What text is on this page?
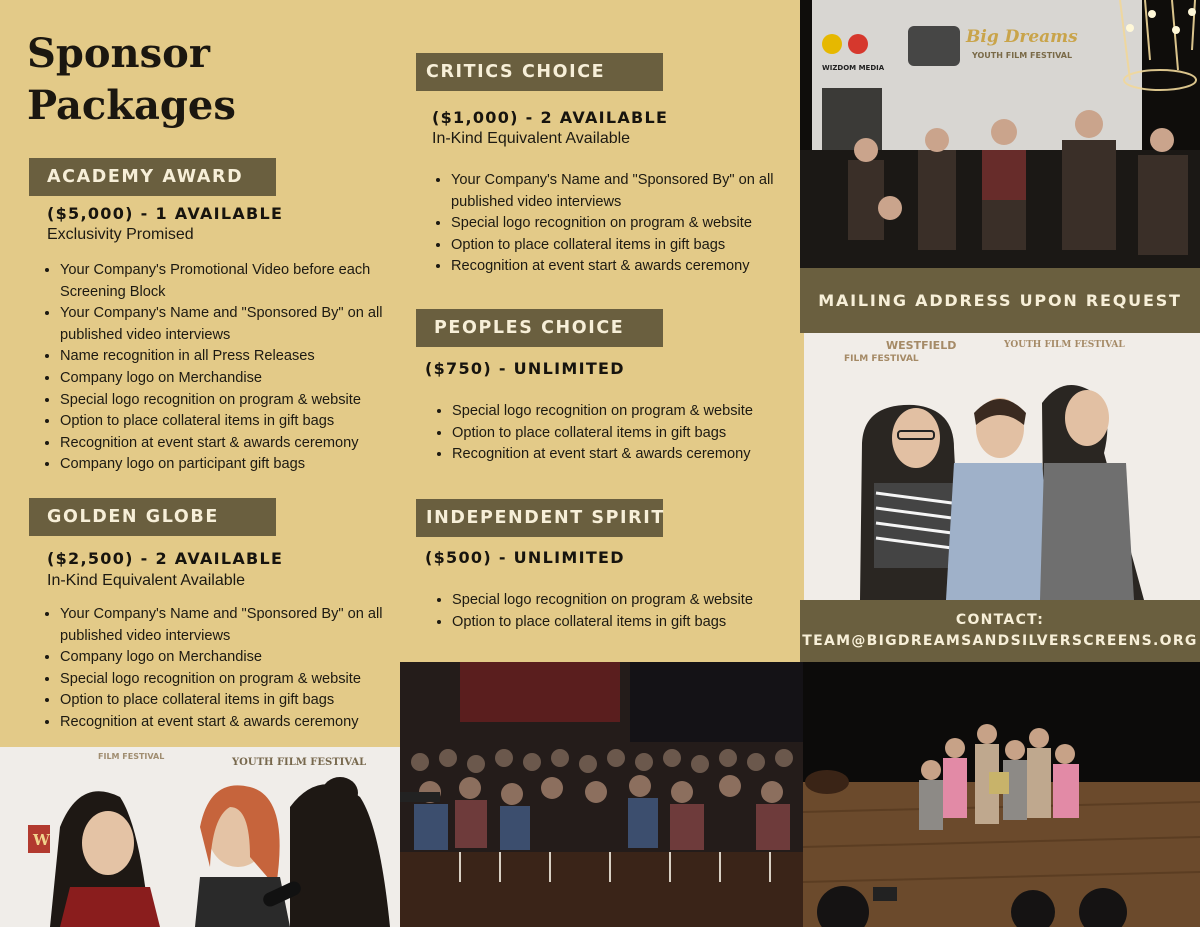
Sponsor
Packages
ACADEMY AWARD
($5,000) - 1 AVAILABLE
Exclusivity Promised
• Your Company's Promotional Video before each Screening Block
• Your Company's Name and "Sponsored By" on all published video interviews
• Name recognition in all Press Releases
• Company logo on Merchandise
• Special logo recognition on program & website
• Option to place collateral items in gift bags
• Recognition at event start & awards ceremony
• Company logo on participant gift bags
GOLDEN GLOBE
($2,500) - 2 AVAILABLE
In-Kind Equivalent Available
• Your Company's Name and "Sponsored By" on all published video interviews
• Company logo on Merchandise
• Special logo recognition on program & website
• Option to place collateral items in gift bags
• Recognition at event start & awards ceremony
CRITICS CHOICE
($1,000) - 2 AVAILABLE
In-Kind Equivalent Available
• Your Company's Name and "Sponsored By" on all published video interviews
• Special logo recognition on program & website
• Option to place collateral items in gift bags
• Recognition at event start & awards ceremony
PEOPLES CHOICE
($750) - UNLIMITED
• Special logo recognition on program & website
• Option to place collateral items in gift bags
• Recognition at event start & awards ceremony
INDEPENDENT SPIRIT
($500) - UNLIMITED
• Special logo recognition on program & website
• Option to place collateral items in gift bags
WIZDOM MEDIA
Big Dreams
YOUTH FILM FESTIVAL
MAILING ADDRESS UPON REQUEST
WESTFIELD
FILM FESTIVAL
YOUTH FILM FESTIVAL
CONTACT:
TEAM@BIGDREAMSANDSILVERSCREENS.ORG
FILM FESTIVAL
YOUTH FILM FESTIVAL
W
